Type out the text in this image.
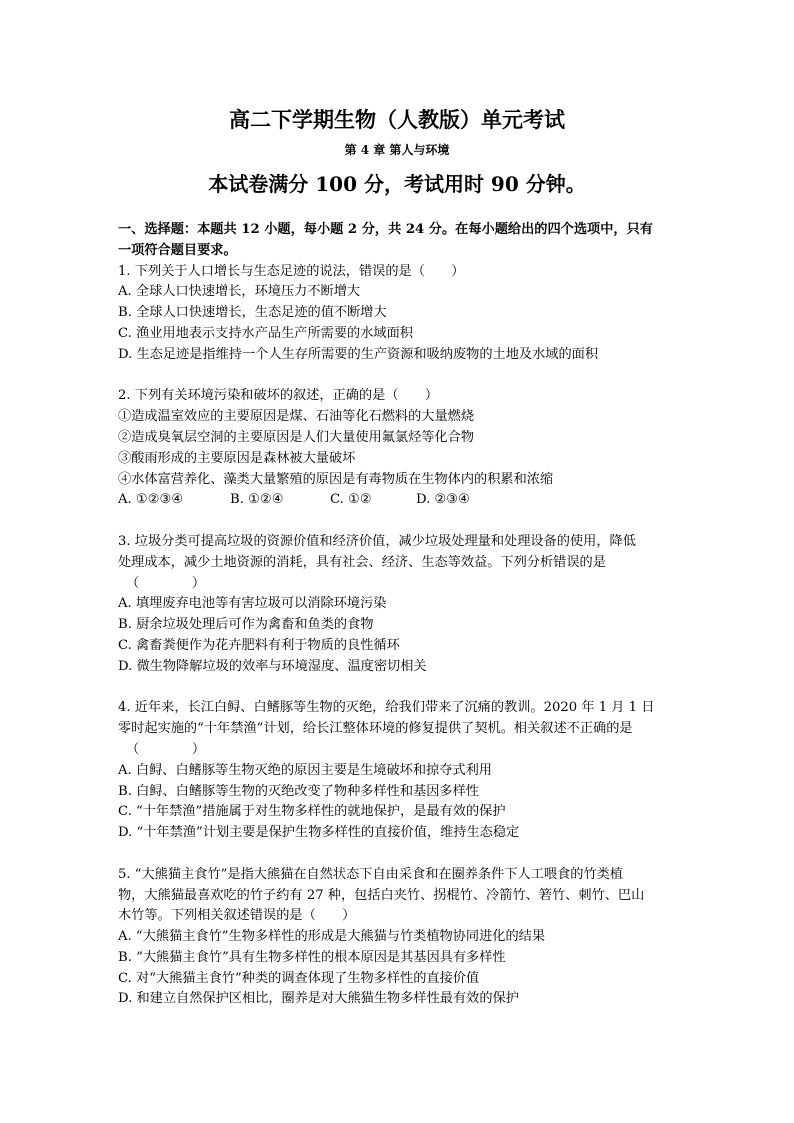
高二下学期生物（人教版）单元考试
第 4 章 第人与环境
本试卷满分 100 分，考试用时 90 分钟。
一、选择题：本题共 12 小题，每小题 2 分，共 24 分。在每小题给出的四个选项中，只有
一项符合题目要求。
1. 下列关于人口增长与生态足迹的说法，错误的是（　　）
A. 全球人口快速增长，环境压力不断增大
B. 全球人口快速增长，生态足迹的值不断增大
C. 渔业用地表示支持水产品生产所需要的水域面积
D. 生态足迹是指维持一个人生存所需要的生产资源和吸纳废物的土地及水域的面积
2. 下列有关环境污染和破坏的叙述，正确的是（　　）
①造成温室效应的主要原因是煤、石油等化石燃料的大量燃烧
②造成臭氧层空洞的主要原因是人们大量使用氟氯烃等化合物
③酸雨形成的主要原因是森林被大量破坏
④水体富营养化、藻类大量繁殖的原因是有毒物质在生物体内的积累和浓缩
A. ①②③④	B. ①②④	C. ①②	D. ②③④
3. 垃圾分类可提高垃圾的资源价值和经济价值，减少垃圾处理量和处理设备的使用，降低
处理成本，减少土地资源的消耗，具有社会、经济、生态等效益。下列分析错误的是
（　　　　）
A. 填埋废弃电池等有害垃圾可以消除环境污染
B. 厨余垃圾处理后可作为禽畜和鱼类的食物
C. 禽畜粪便作为花卉肥料有利于物质的良性循环
D. 微生物降解垃圾的效率与环境湿度、温度密切相关
4. 近年来，长江白鲟、白鳍豚等生物的灭绝，给我们带来了沉痛的教训。2020 年 1 月 1 日
零时起实施的“十年禁渔”计划，给长江整体环境的修复提供了契机。相关叙述不正确的是
（　　　　）
A. 白鲟、白鳍豚等生物灭绝的原因主要是生境破坏和掠夺式利用
B. 白鲟、白鳍豚等生物的灭绝改变了物种多样性和基因多样性
C. “十年禁渔”措施属于对生物多样性的就地保护，是最有效的保护
D. “十年禁渔”计划主要是保护生物多样性的直接价值，维持生态稳定
5. “大熊猫主食竹”是指大熊猫在自然状态下自由采食和在圈养条件下人工喂食的竹类植
物，大熊猫最喜欢吃的竹子约有 27 种，包括白夹竹、拐棍竹、冷箭竹、箬竹、刺竹、巴山
木竹等。下列相关叙述错误的是（　　）
A. “大熊猫主食竹”生物多样性的形成是大熊猫与竹类植物协同进化的结果
B. “大熊猫主食竹”具有生物多样性的根本原因是其基因具有多样性
C. 对“大熊猫主食竹”种类的调查体现了生物多样性的直接价值
D. 和建立自然保护区相比，圈养是对大熊猫生物多样性最有效的保护
